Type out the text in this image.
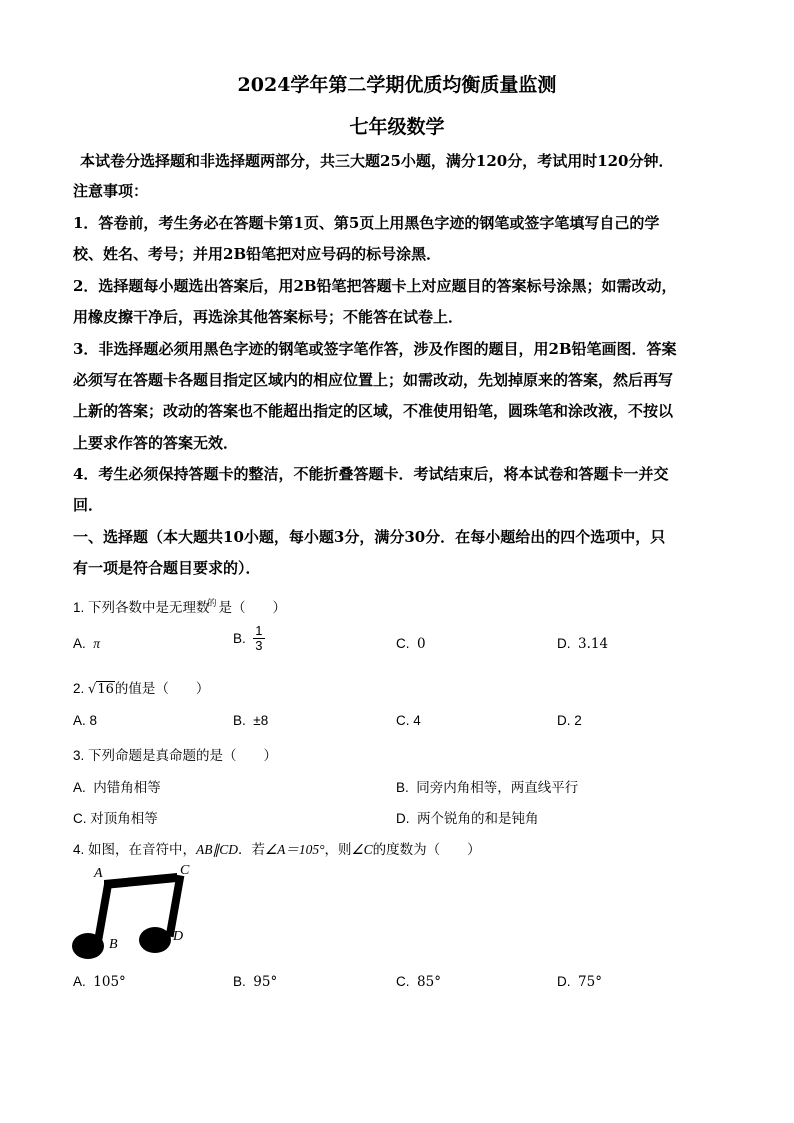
2024学年第二学期优质均衡质量监测
七年级数学
本试卷分选择题和非选择题两部分，共三大题25小题，满分120分，考试用时120分钟．
注意事项：
1．答卷前，考生务必在答题卡第1页、第5页上用黑色字迹的钢笔或签字笔填写自己的学
校、姓名、考号；并用2B铅笔把对应号码的标号涂黑．
2．选择题每小题选出答案后，用2B铅笔把答题卡上对应题目的答案标号涂黑；如需改动，
用橡皮擦干净后，再选涂其他答案标号；不能答在试卷上．
3．非选择题必须用黑色字迹的钢笔或签字笔作答，涉及作图的题目，用2B铅笔画图．答案
必须写在答题卡各题目指定区域内的相应位置上；如需改动，先划掉原来的答案，然后再写
上新的答案；改动的答案也不能超出指定的区域，不准使用铅笔，圆珠笔和涂改液，不按以
上要求作答的答案无效．
4．考生必须保持答题卡的整洁，不能折叠答题卡．考试结束后，将本试卷和答题卡一并交
回．
一、选择题（本大题共10小题，每小题3分，满分30分．在每小题给出的四个选项中，只
有一项是符合题目要求的）．
1. 下列各数中是无理数$^的$ 是（　　）
A. π	B. $\frac{1}{3}$	C. 0	D. 3.14
2. √16的值是（　　）
A. 8	B. ±8	C. 4	D. 2
3. 下列命题是真命题的是（　　）
A. 内错角相等	B. 同旁内角相等，两直线平行
C. 对顶角相等	D. 两个锐角的和是钝角
4. 如图，在音符中，AB∥CD．若∠A＝105°，则∠C的度数为（　　）
A	C
B
D
A. 105°	B. 95°	C. 85°	D. 75°
